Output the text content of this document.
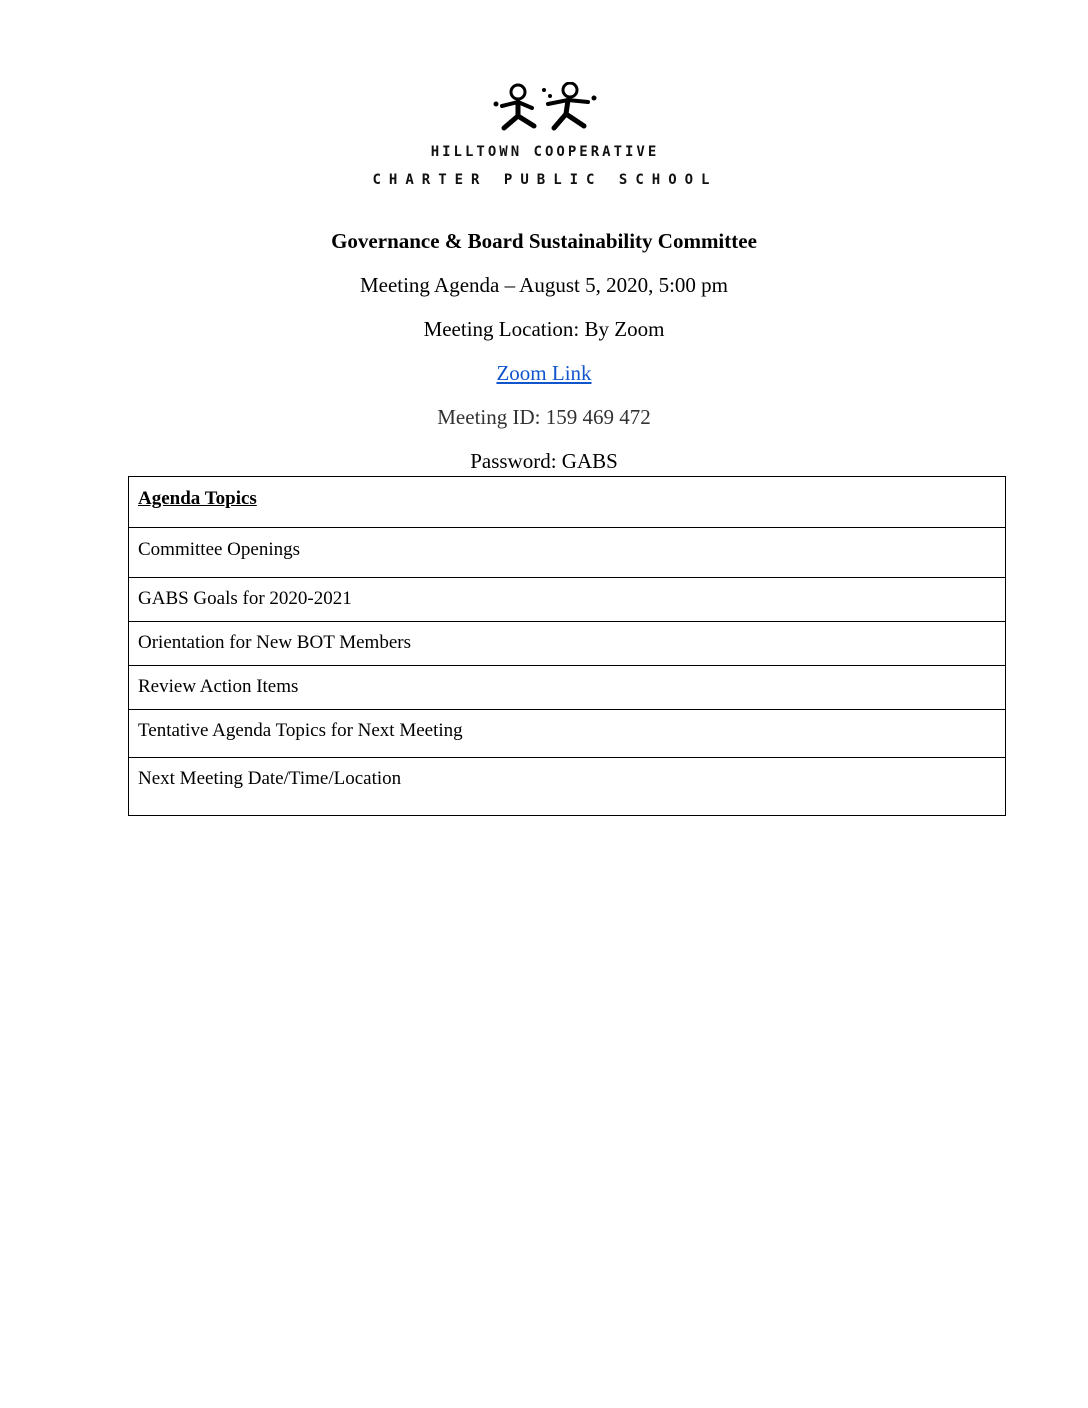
HILLTOWN COOPERATIVE
CHARTER PUBLIC SCHOOL
Governance & Board Sustainability Committee
Meeting Agenda – August 5, 2020, 5:00 pm
Meeting Location: By Zoom
Zoom Link
Meeting ID: 159 469 472
Password: GABS
Agenda Topics
Committee Openings
GABS Goals for 2020-2021
Orientation for New BOT Members
Review Action Items
Tentative Agenda Topics for Next Meeting
Next Meeting Date/Time/Location
